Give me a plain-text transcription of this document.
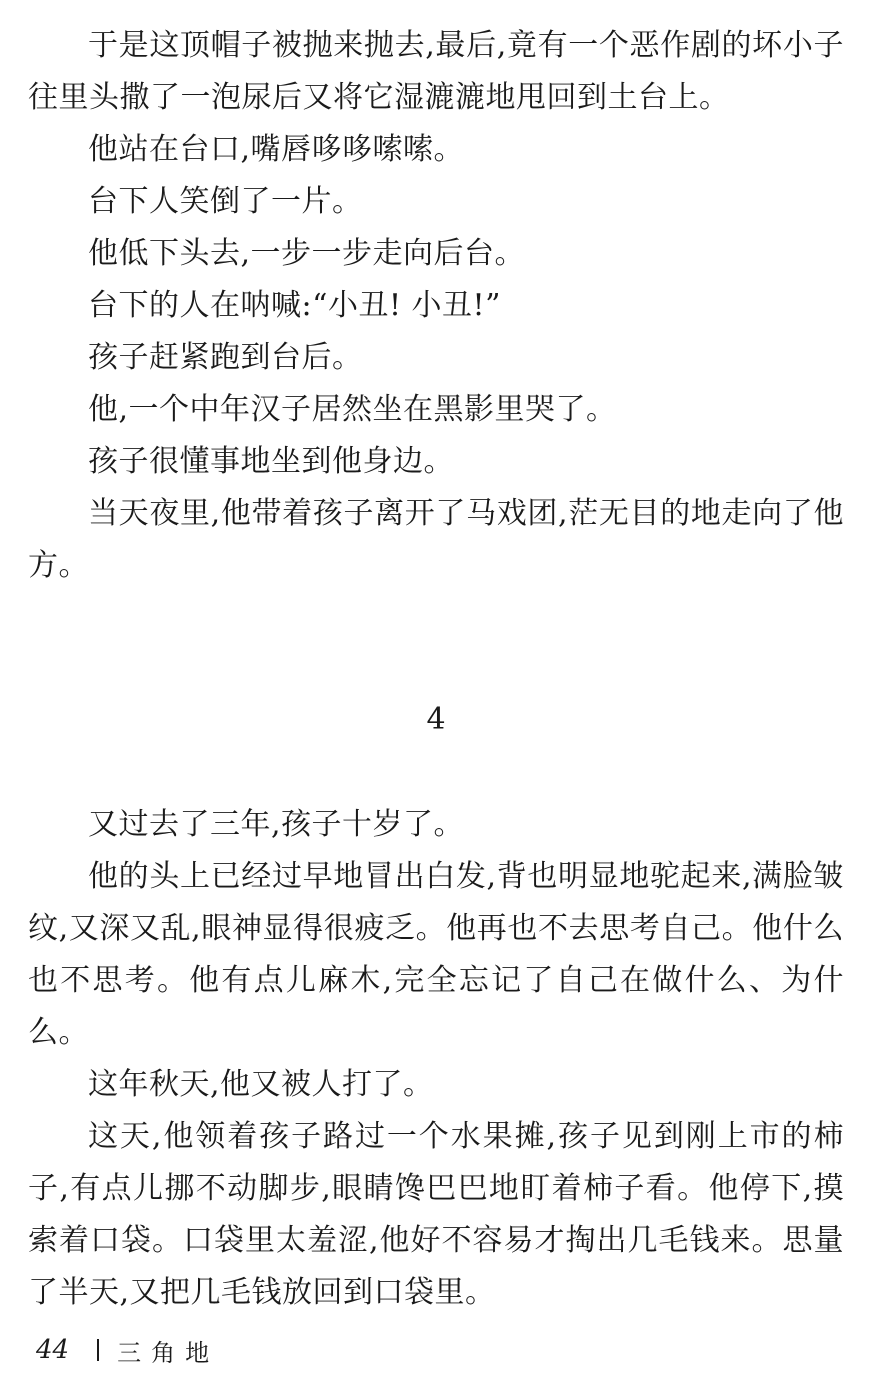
于是这顶帽子被抛来抛去,最后,竟有一个恶作剧的坏小子往里头撒了一泡尿后又将它湿漉漉地甩回到土台上。

他站在台口,嘴唇哆哆嗦嗦。

台下人笑倒了一片。

他低下头去,一步一步走向后台。

台下的人在呐喊:“小丑! 小丑!”

孩子赶紧跑到台后。

他,一个中年汉子居然坐在黑影里哭了。

孩子很懂事地坐到他身边。

当天夜里,他带着孩子离开了马戏团,茫无目的地走向了他方。

4

又过去了三年,孩子十岁了。

他的头上已经过早地冒出白发,背也明显地驼起来,满脸皱纹,又深又乱,眼神显得很疲乏。他再也不去思考自己。他什么也不思考。他有点儿麻木,完全忘记了自己在做什么、为什么。

这年秋天,他又被人打了。

这天,他领着孩子路过一个水果摊,孩子见到刚上市的柿子,有点儿挪不动脚步,眼睛馋巴巴地盯着柿子看。他停下,摸索着口袋。口袋里太羞涩,他好不容易才掏出几毛钱来。思量了半天,又把几毛钱放回到口袋里。

44 三角地
